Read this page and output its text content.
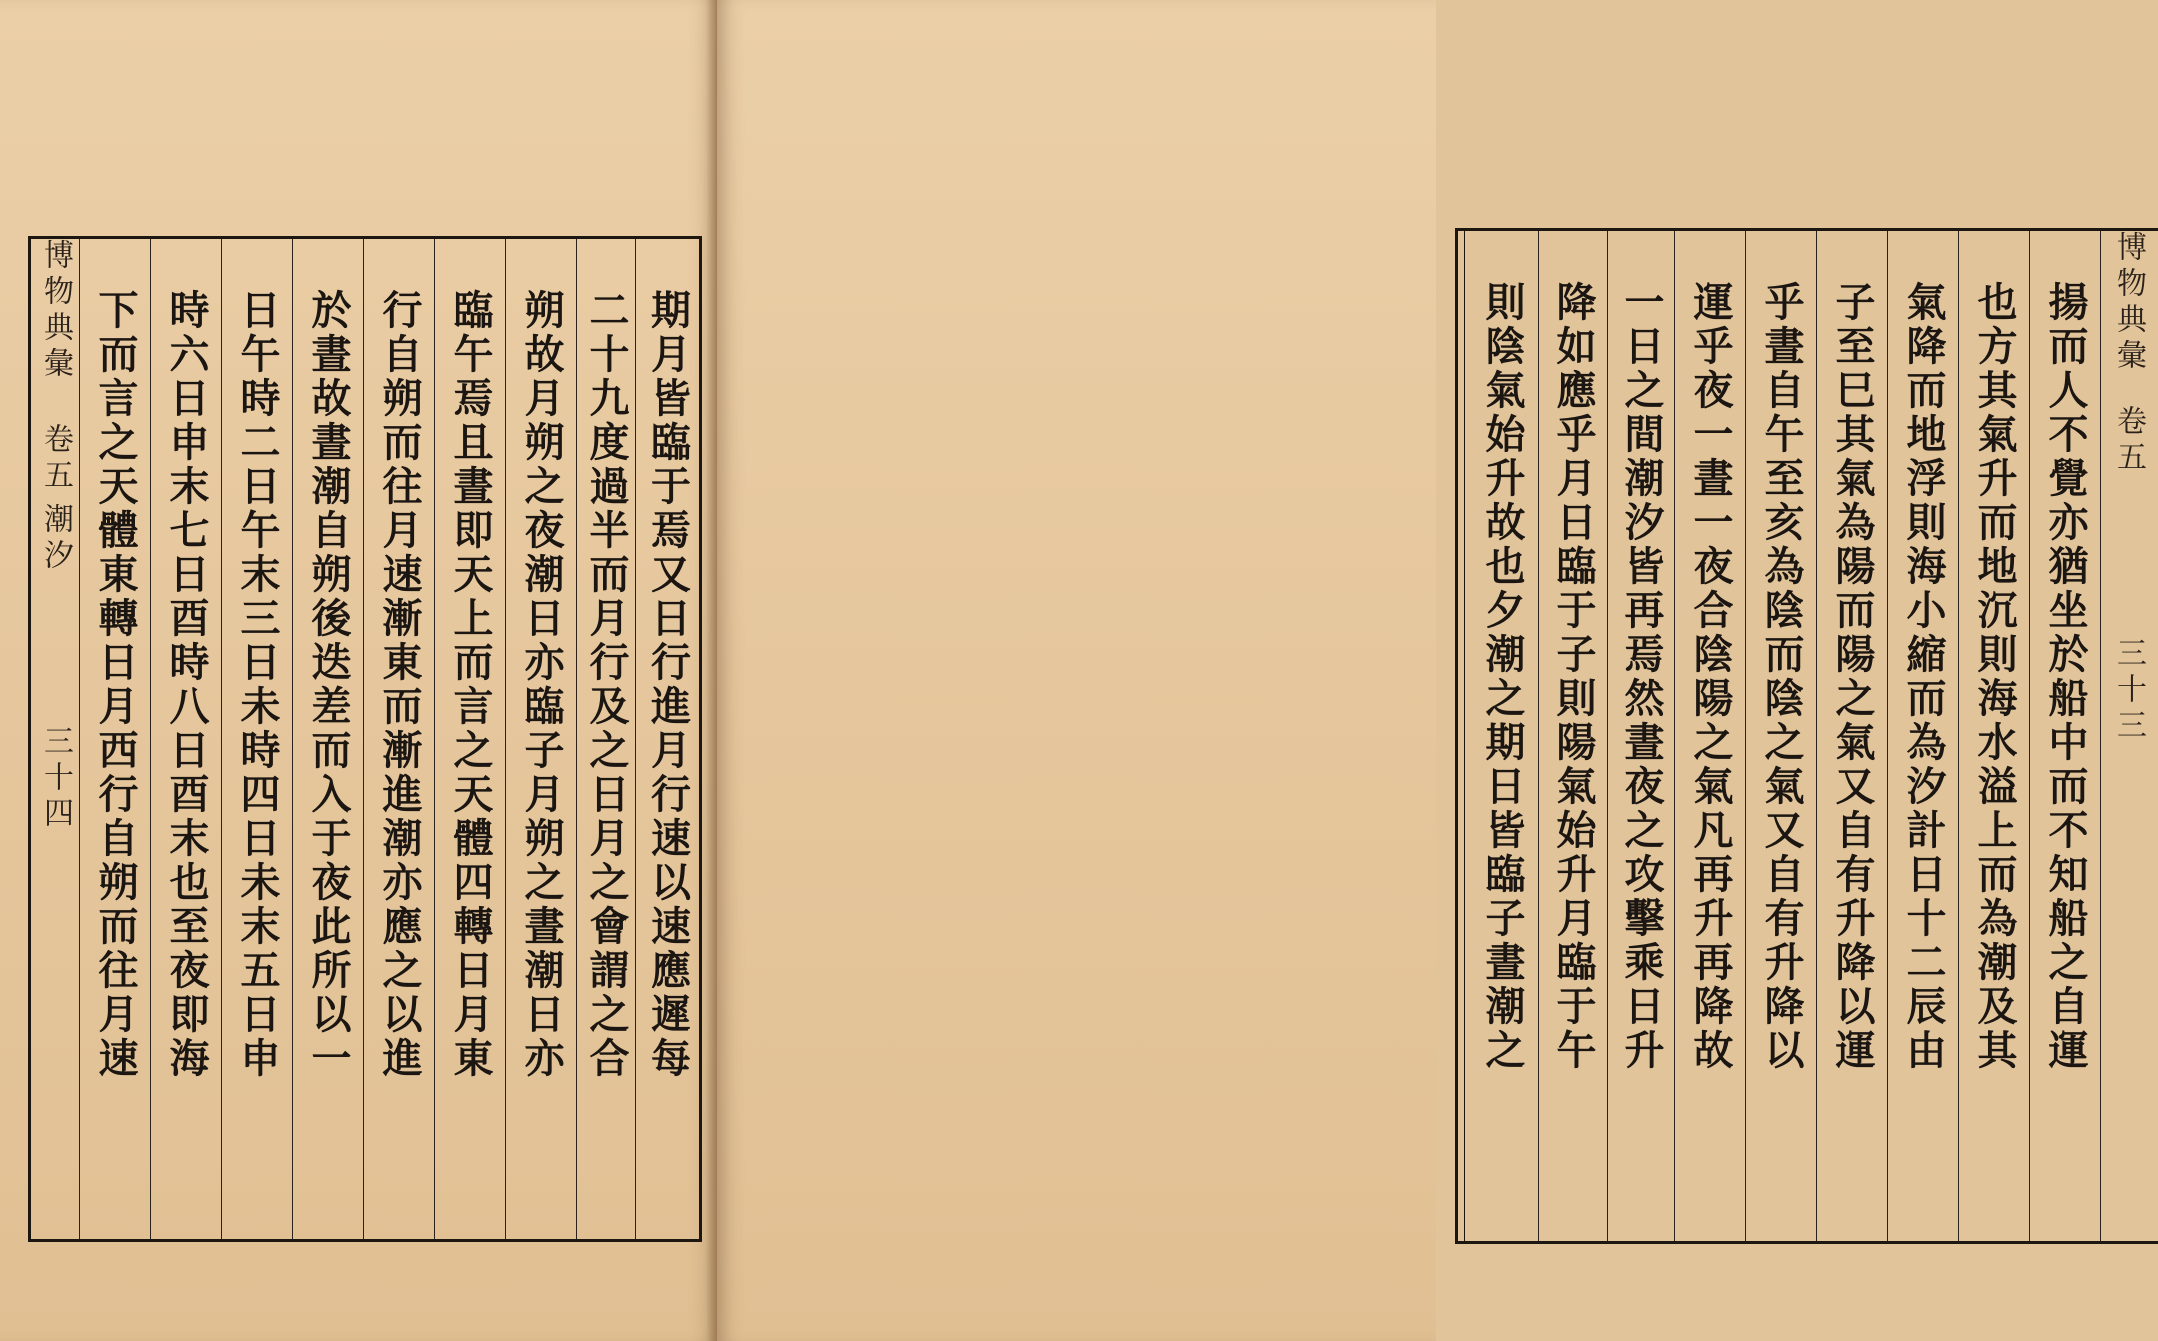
博物典彙
卷五
潮汐
三十四 下而言之天體東轉日月西行自朔而往月速 時六日申末七日酉時八日酉末也至夜即海 日午時二日午末三日未時四日未末五日申 於晝故晝潮自朔後迭差而入于夜此所以一 行自朔而往月速漸東而漸進潮亦應之以進 臨午焉且晝即天上而言之天體四轉日月東 朔故月朔之夜潮日亦臨子月朔之晝潮日亦 二十九度過半而月行及之日月之會謂之合 期月皆臨于焉又日行進月行速以速應遲每	則陰氣始升故也夕潮之期日皆臨子晝潮之 降如應乎月日臨于子則陽氣始升月臨于午 一日之間潮汐皆再焉然晝夜之攻擊乘日升 運乎夜一晝一夜合陰陽之氣凡再升再降故 乎晝自午至亥為陰而陰之氣又自有升降以 子至巳其氣為陽而陽之氣又自有升降以運 氣降而地浮則海小縮而為汐計日十二辰由 也方其氣升而地沉則海水溢上而為潮及其 揚而人不覺亦猶坐於船中而不知船之自運 博物典彙
卷五
三十三
